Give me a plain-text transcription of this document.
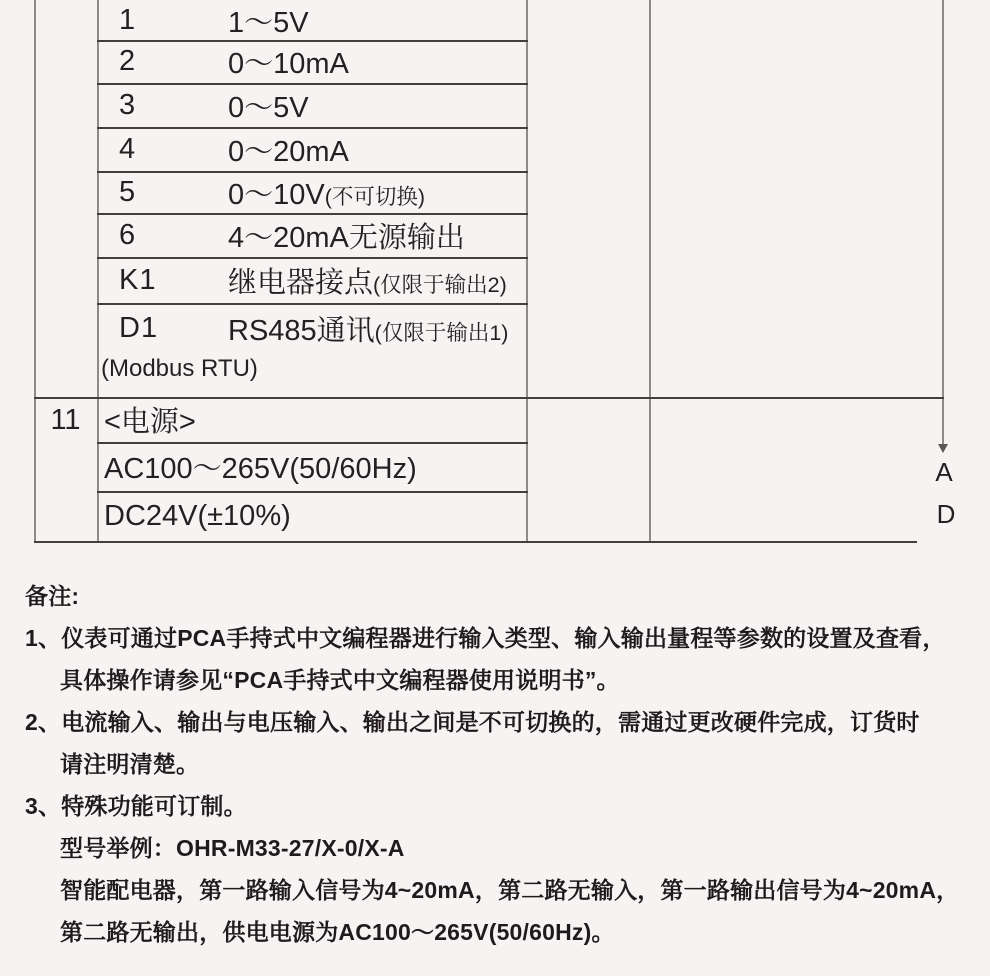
1	1～5V
2	0～10mA
3	0～5V
4	0～20mA
5	0～10V(不可切换)
6	4～20mA无源输出
K1 继电器接点(仅限于输出2)
D1 RS485通讯(仅限于输出1)
(Modbus RTU)
11 <电源>
AC100～265V(50/60Hz)
DC24V(±10%)
A
D
备注:
1、仪表可通过PCA手持式中文编程器进行输入类型、输入输出量程等参数的设置及查看，
具体操作请参见“PCA手持式中文编程器使用说明书”。
2、电流输入、输出与电压输入、输出之间是不可切换的，需通过更改硬件完成，订货时
请注明清楚。
3、特殊功能可订制。
型号举例：OHR-M33-27/X-0/X-A
智能配电器，第一路输入信号为4~20mA，第二路无输入，第一路输出信号为4~20mA，
第二路无输出，供电电源为AC100～265V(50/60Hz)。
